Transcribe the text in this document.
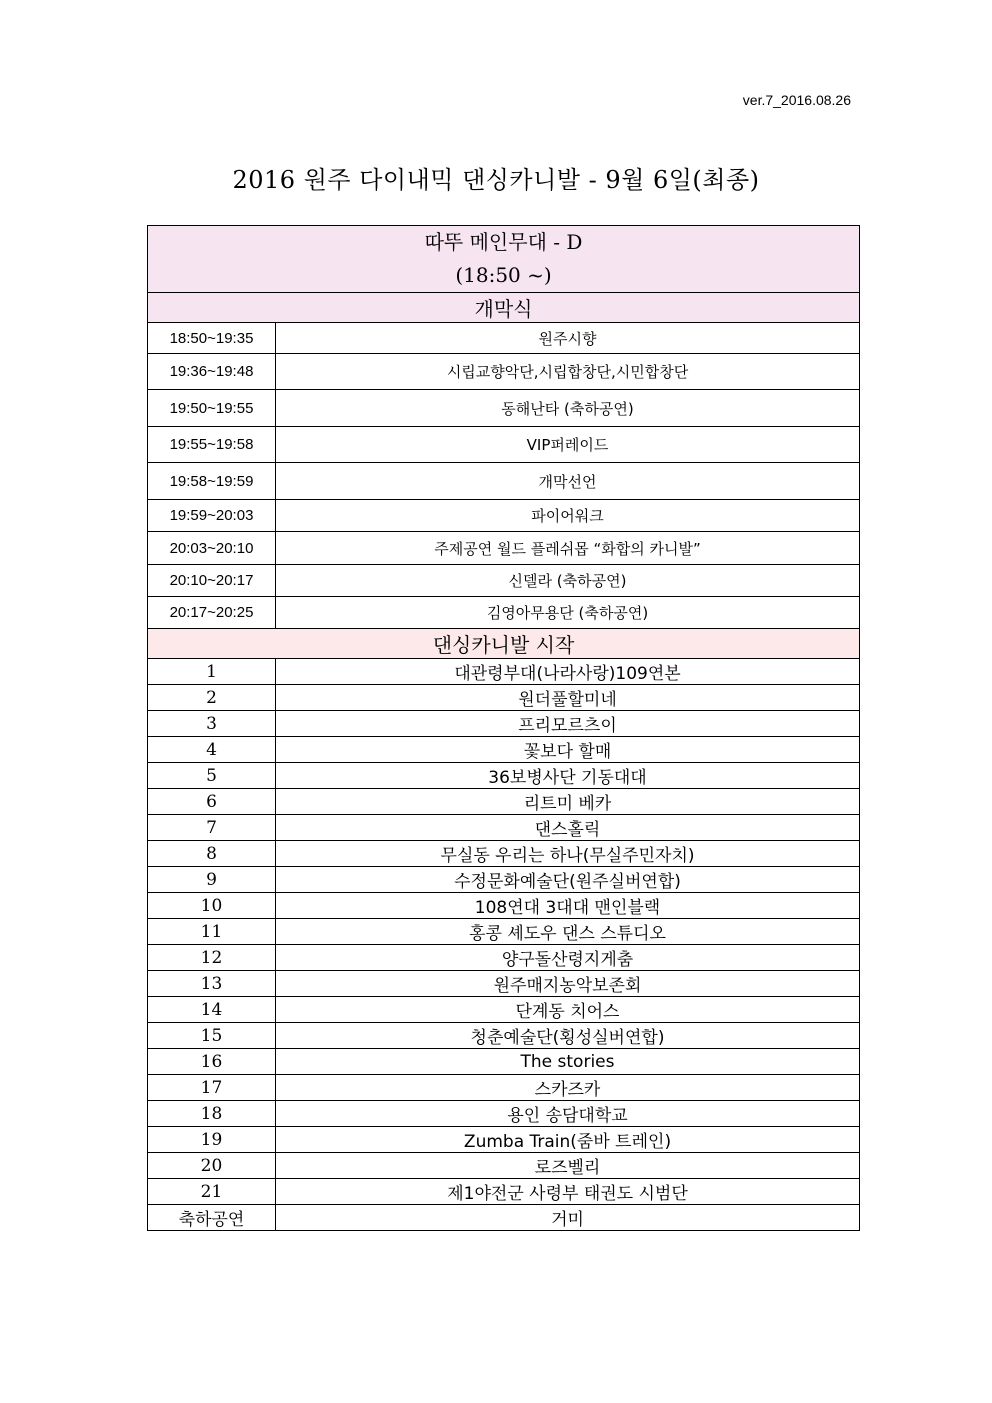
ver.7_2016.08.26
2016 원주 다이내믹 댄싱카니발 - 9월 6일(최종)
따뚜 메인무대 - D
(18:50 ~)	

개막식	
18:50~19:35	원주시향
19:36~19:48	시립교향악단,시립합창단,시민합창단
19:50~19:55	동해난타 (축하공연)
19:55~19:58	VIP퍼레이드
19:58~19:59	개막선언
19:59~20:03	파이어워크
20:03~20:10	주제공연 월드 플레쉬몹 “화합의 카니발”
20:10~20:17	신델라 (축하공연)
20:17~20:25	김영아무용단 (축하공연)
댄싱카니발 시작	
1	대관령부대(나라사랑)109연본
2	원더풀할미네
3	프리모르츠이
4	꽃보다 할매
5	36보병사단 기동대대
6	리트미 베카
7	댄스홀릭
8	무실동 우리는 하나(무실주민자치)
9	수정문화예술단(원주실버연합)
10	108연대 3대대 맨인블랙
11	홍콩 셰도우 댄스 스튜디오
12	양구돌산령지게춤
13	원주매지농악보존회
14	단계동 치어스
15	청춘예술단(횡성실버연합)
16	The stories
17	스카즈카
18	용인 송담대학교
19	Zumba Train(줌바 트레인)
20	로즈벨리
21	제1야전군 사령부 태권도 시범단
축하공연	거미
